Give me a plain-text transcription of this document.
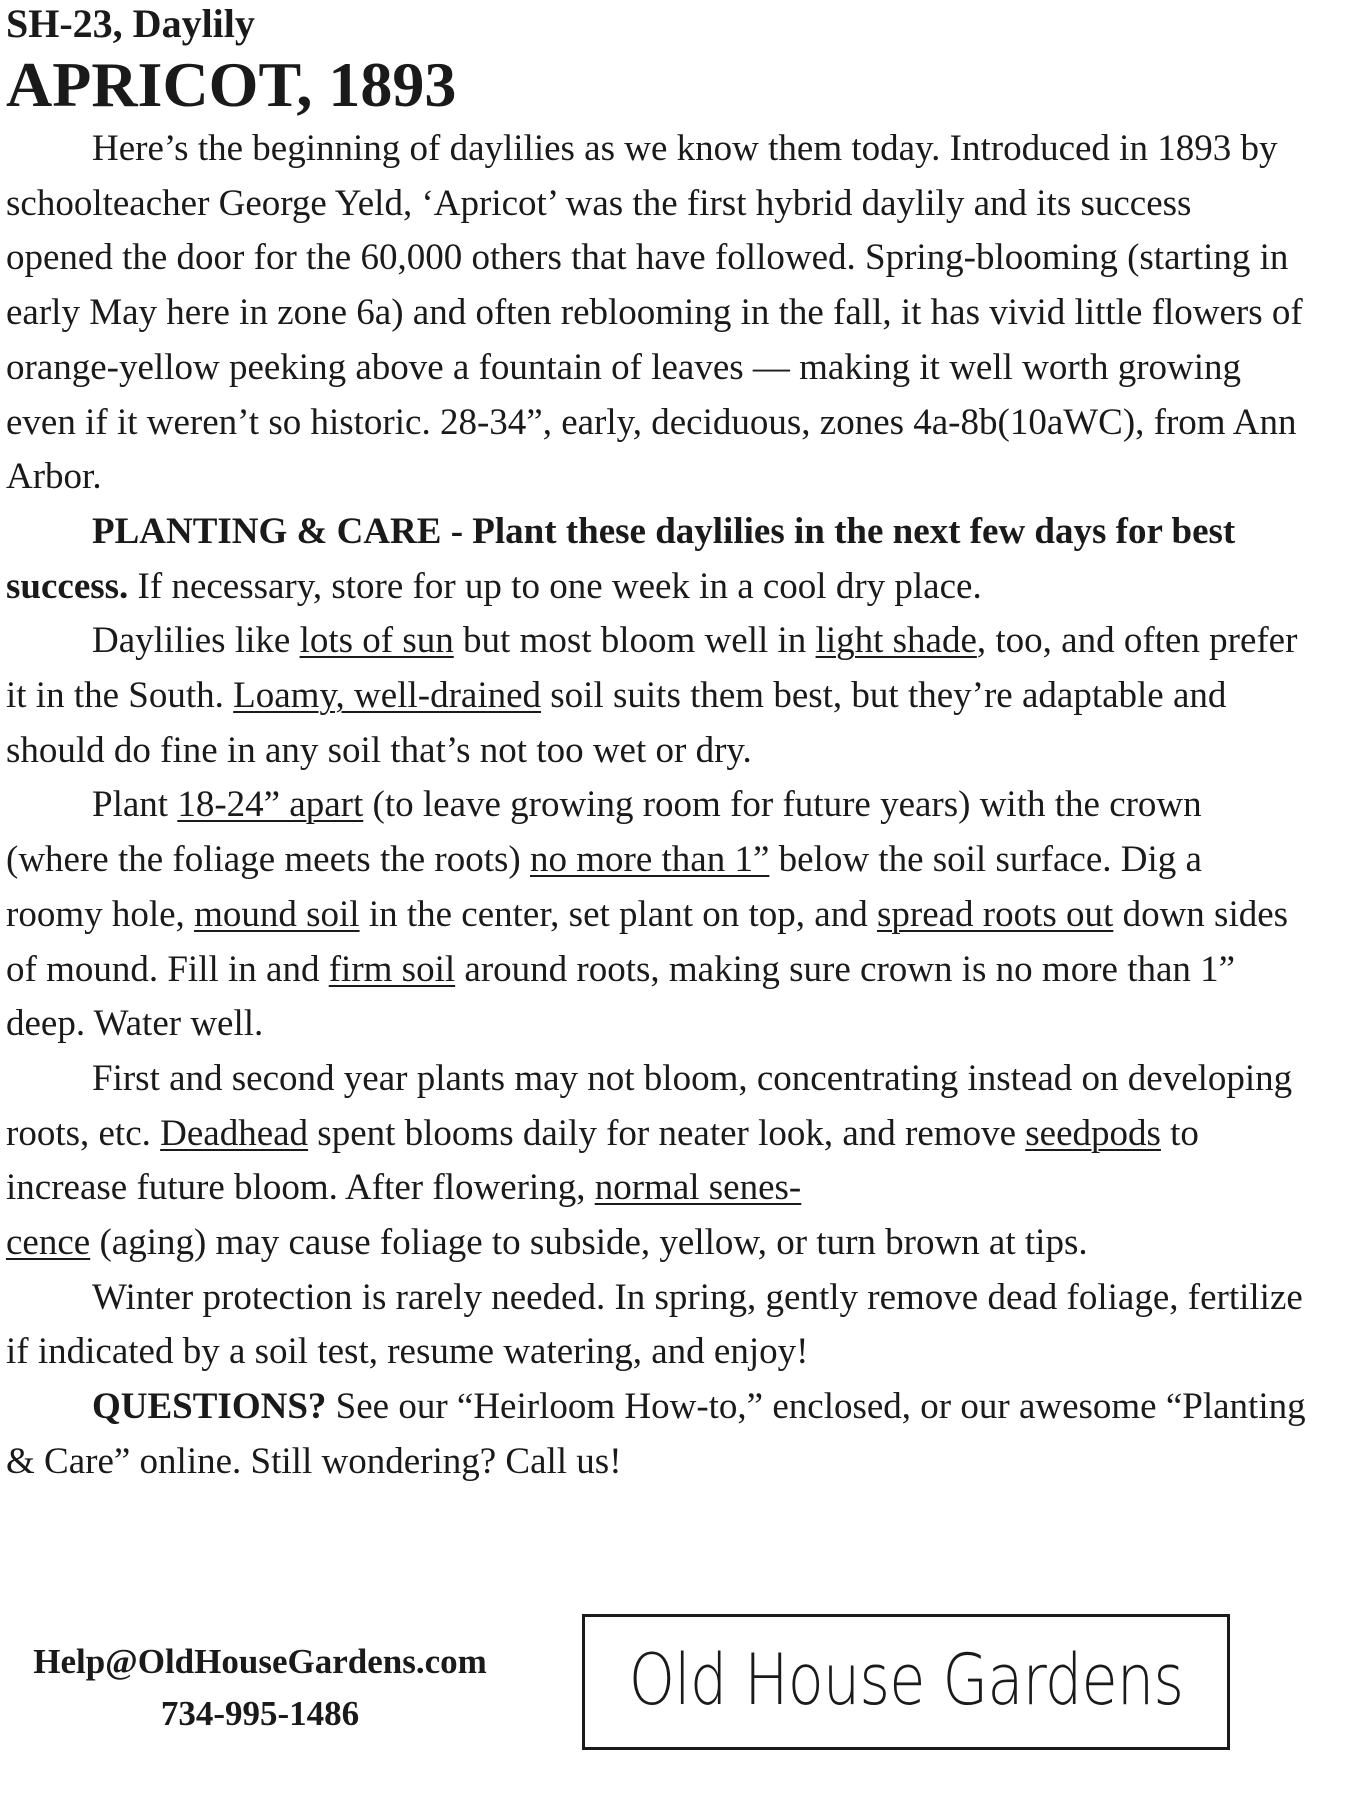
SH-23, Daylily

APRICOT, 1893

Here’s the beginning of daylilies as we know them today. Introduced in 1893 by schoolteacher George Yeld, ‘Apricot’ was the first hybrid daylily and its success opened the door for the 60,000 others that have followed. Spring-blooming (starting in early May here in zone 6a) and often reblooming in the fall, it has vivid little flowers of orange-yellow peeking above a fountain of leaves — making it well worth growing even if it weren’t so historic. 28-34”, early, deciduous, zones 4a-8b(10aWC), from Ann Arbor.

PLANTING & CARE - Plant these daylilies in the next few days for best success. If necessary, store for up to one week in a cool dry place.

Daylilies like lots of sun but most bloom well in light shade, too, and often prefer it in the South. Loamy, well-drained soil suits them best, but they’re adaptable and should do fine in any soil that’s not too wet or dry.

Plant 18-24” apart (to leave growing room for future years) with the crown (where the foliage meets the roots) no more than 1” below the soil surface. Dig a roomy hole, mound soil in the center, set plant on top, and spread roots out down sides of mound. Fill in and firm soil around roots, making sure crown is no more than 1” deep. Water well.

First and second year plants may not bloom, concentrating instead on developing roots, etc. Deadhead spent blooms daily for neater look, and remove seedpods to increase future bloom. After flowering, normal senes-
cence (aging) may cause foliage to subside, yellow, or turn brown at tips.

Winter protection is rarely needed. In spring, gently remove dead foliage, fertilize if indicated by a soil test, resume watering, and enjoy!

QUESTIONS? See our “Heirloom How-to,” enclosed, or our awesome “Planting & Care” online. Still wondering? Call us!

Help@OldHouseGardens.com
734-995-1486	Old House Gardens
